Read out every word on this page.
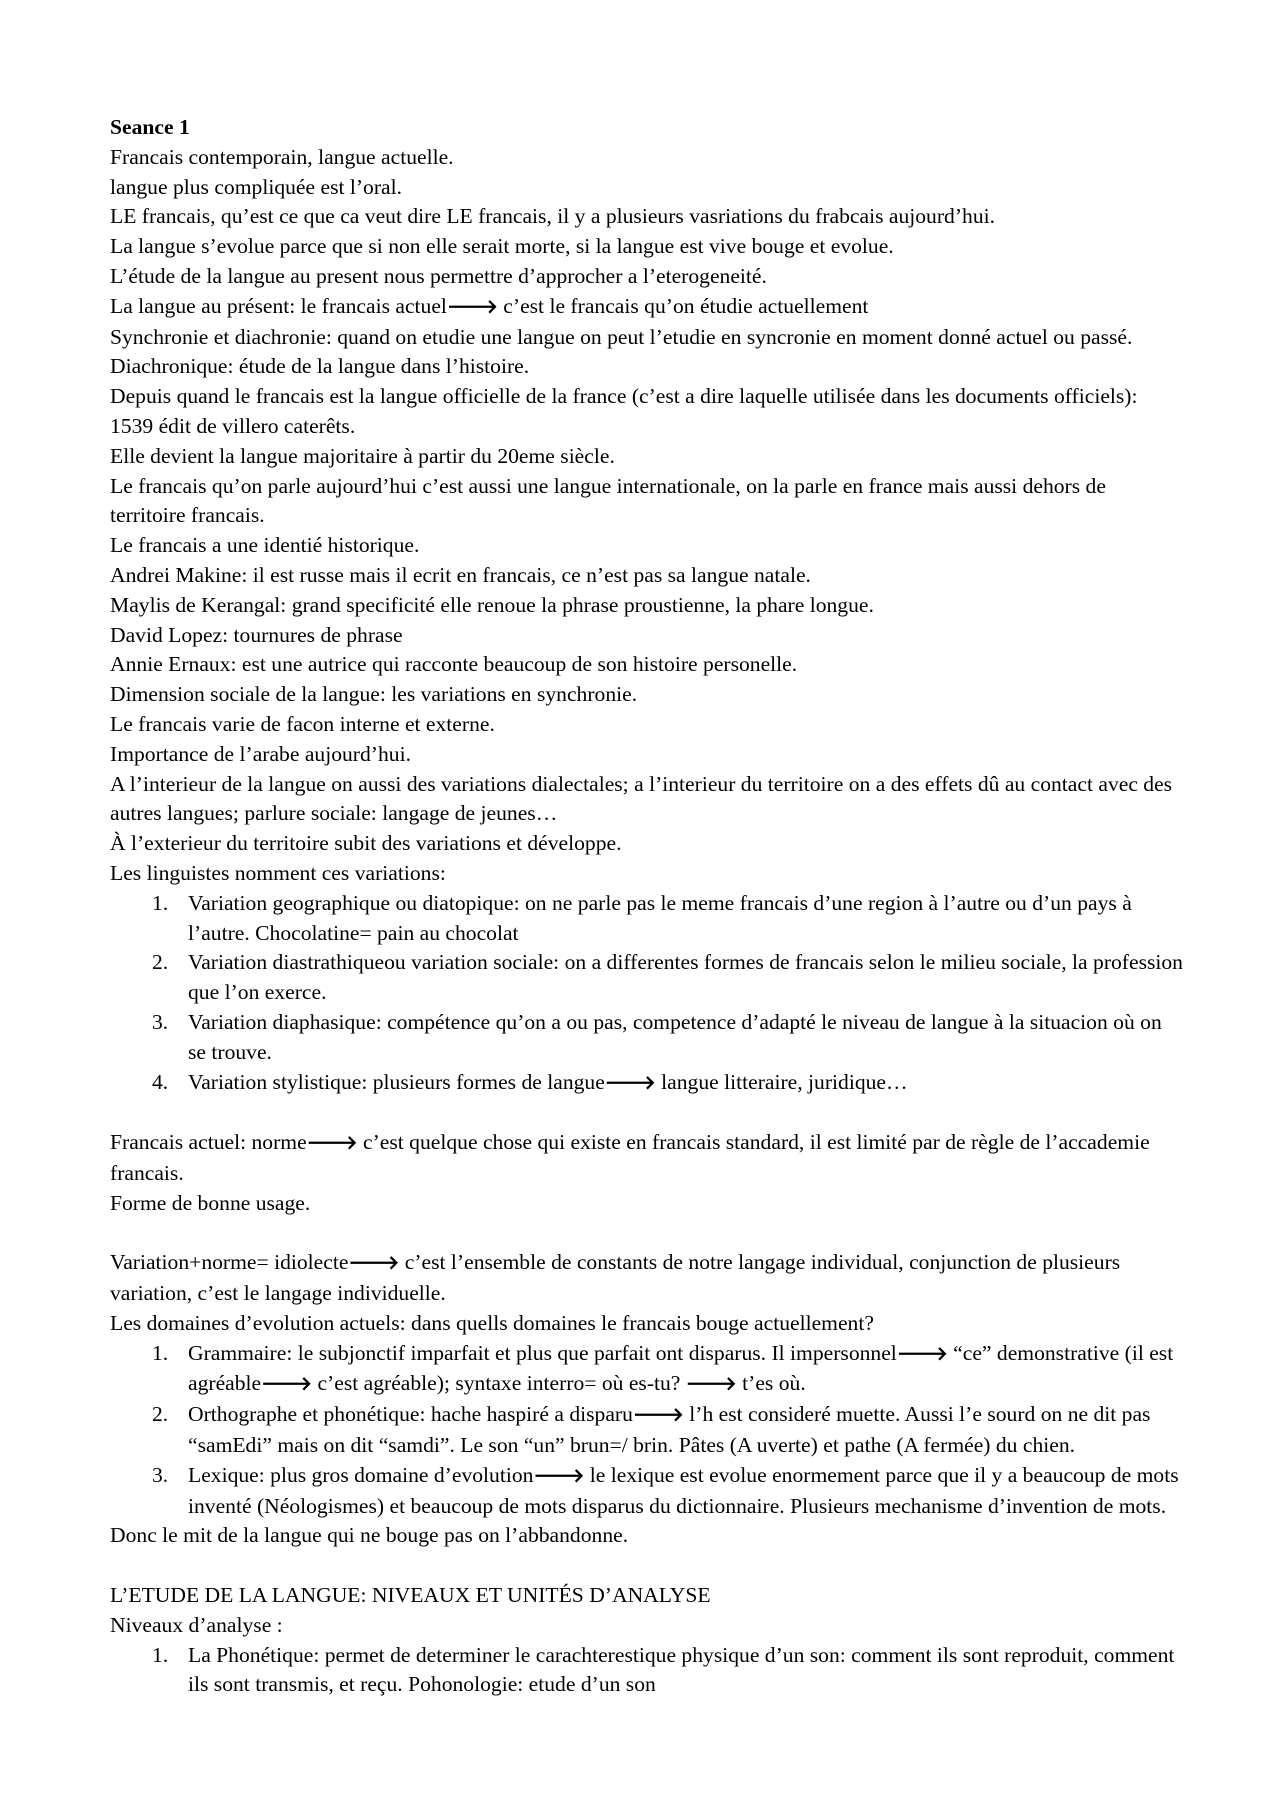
Seance 1

Francais contemporain, langue actuelle.

langue plus compliquée est l’oral.

LE francais, qu’est ce que ca veut dire LE francais, il y a plusieurs vasriations du frabcais aujourd’hui.

La langue s’evolue parce que si non elle serait morte, si la langue est vive bouge et evolue.

L’étude de la langue au present nous permettre d’approcher a l’eterogeneité.

La langue au présent: le francais actuel🡒 c’est le francais qu’on étudie actuellement

Synchronie et diachronie: quand on etudie une langue on peut l’etudie en syncronie en moment donné actuel ou passé.

Diachronique: étude de la langue dans l’histoire.

Depuis quand le francais est la langue officielle de la france (c’est a dire laquelle utilisée dans les documents officiels): 1539 édit de villero caterêts.

Elle devient la langue majoritaire à partir du 20eme siècle.

Le francais qu’on parle aujourd’hui c’est aussi une langue internationale, on la parle en france mais aussi dehors de territoire francais.

Le francais a une identié historique.

Andrei Makine: il est russe mais il ecrit en francais, ce n’est pas sa langue natale.

Maylis de Kerangal: grand specificité elle renoue la phrase proustienne, la phare longue.

David Lopez: tournures de phrase

Annie Ernaux: est une autrice qui racconte beaucoup de son histoire personelle.

Dimension sociale de la langue: les variations en synchronie.

Le francais varie de facon interne et externe.

Importance de l’arabe aujourd’hui.

A l’interieur de la langue on aussi des variations dialectales; a l’interieur du territoire on a des effets dû au contact avec des autres langues; parlure sociale: langage de jeunes…

À l’exterieur du territoire subit des variations et développe.

Les linguistes nomment ces variations:

1. Variation geographique ou diatopique: on ne parle pas le meme francais d’une region à l’autre ou d’un pays à l’autre. Chocolatine= pain au chocolat
2. Variation diastrathiqueou variation sociale: on a differentes formes de francais selon le milieu sociale, la profession que l’on exerce.
3. Variation diaphasique: compétence qu’on a ou pas, competence d’adapté le niveau de langue à la situacion où on se trouve.
4. Variation stylistique: plusieurs formes de langue🡒 langue litteraire, juridique…

Francais actuel: norme🡒 c’est quelque chose qui existe en francais standard, il est limité par de règle de l’accademie francais.

Forme de bonne usage.

Variation+norme= idiolecte🡒 c’est l’ensemble de constants de notre langage individual, conjunction de plusieurs variation, c’est le langage individuelle.

Les domaines d’evolution actuels: dans quells domaines le francais bouge actuellement?

1. Grammaire: le subjonctif imparfait et plus que parfait ont disparus. Il impersonnel🡒 “ce” demonstrative (il est agréable🡒 c’est agréable); syntaxe interro= où es-tu? 🡒 t’es où.
2. Orthographe et phonétique: hache haspiré a disparu🡒 l’h est consideré muette. Aussi l’e sourd on ne dit pas “samEdi” mais on dit “samdi”. Le son “un” brun=/ brin. Pâtes (A uverte) et pathe (A fermée) du chien.
3. Lexique: plus gros domaine d’evolution🡒 le lexique est evolue enormement parce que il y a beaucoup de mots inventé (Néologismes) et beaucoup de mots disparus du dictionnaire. Plusieurs mechanisme d’invention de mots.

Donc le mit de la langue qui ne bouge pas on l’abbandonne.

L’ETUDE DE LA LANGUE: NIVEAUX ET UNITÉS D’ANALYSE

Niveaux d’analyse :

1. La Phonétique: permet de determiner le carachterestique physique d’un son: comment ils sont reproduit, comment ils sont transmis, et reçu. Pohonologie: etude d’un son
